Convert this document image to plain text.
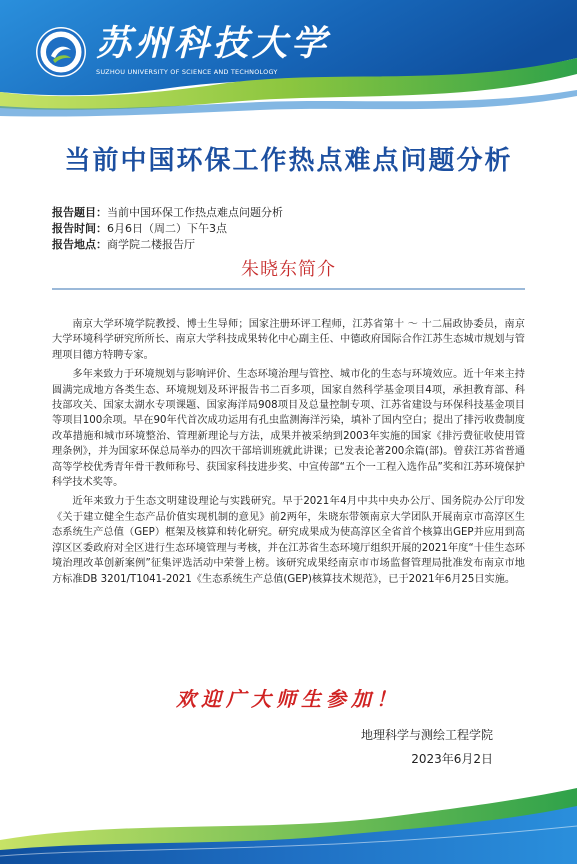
苏州科技大学
SUZHOU UNIVERSITY OF SCIENCE AND TECHNOLOGY
当前中国环保工作热点难点问题分析
报告题目：当前中国环保工作热点难点问题分析
报告时间：6月6日（周二）下午3点
报告地点：商学院二楼报告厅
朱晓东简介

南京大学环境学院教授、博士生导师；国家注册环评工程师，江苏省第十 ～ 十二届政协委员，南京大学环境科学研究所所长、南京大学科技成果转化中心副主任、中德政府国际合作江苏生态城市规划与管理项目德方特聘专家。

多年来致力于环境规划与影响评价、生态环境治理与管控、城市化的生态与环境效应。近十年来主持圆满完成地方各类生态、环境规划及环评报告书二百多项，国家自然科学基金项目4项，承担教育部、科技部攻关、国家太湖水专项课题、国家海洋局908项目及总量控制专项、江苏省建设与环保科技基金项目等项目100余项。早在90年代首次成功运用有孔虫监测海洋污染，填补了国内空白；提出了排污收费制度改革措施和城市环境整治、管理新理论与方法，成果并被采纳到2003年实施的国家《排污费征收使用管理条例》，并为国家环保总局举办的四次干部培训班就此讲课；已发表论著200余篇(部)。曾获江苏省普通高等学校优秀青年骨干教师称号、获国家科技进步奖、中宣传部“五个一工程入选作品”奖和江苏环境保护科学技术奖等。

近年来致力于生态文明建设理论与实践研究。早于2021年4月中共中央办公厅、国务院办公厅印发《关于建立健全生态产品价值实现机制的意见》前2两年，朱晓东带领南京大学团队开展南京市高淳区生态系统生产总值（GEP）框架及核算和转化研究。研究成果成为使高淳区全省首个核算出GEP并应用到高淳区区委政府对全区进行生态环境管理与考核，并在江苏省生态环境厅组织开展的2021年度“十佳生态环境治理改革创新案例”征集评选活动中荣誉上榜。该研究成果经南京市市场监督管理局批准发布南京市地方标准DB 3201/T1041-2021《生态系统生产总值(GEP)核算技术规范》，已于2021年6月25日实施。

欢迎广大师生参加！
地理科学与测绘工程学院
2023年6月2日
